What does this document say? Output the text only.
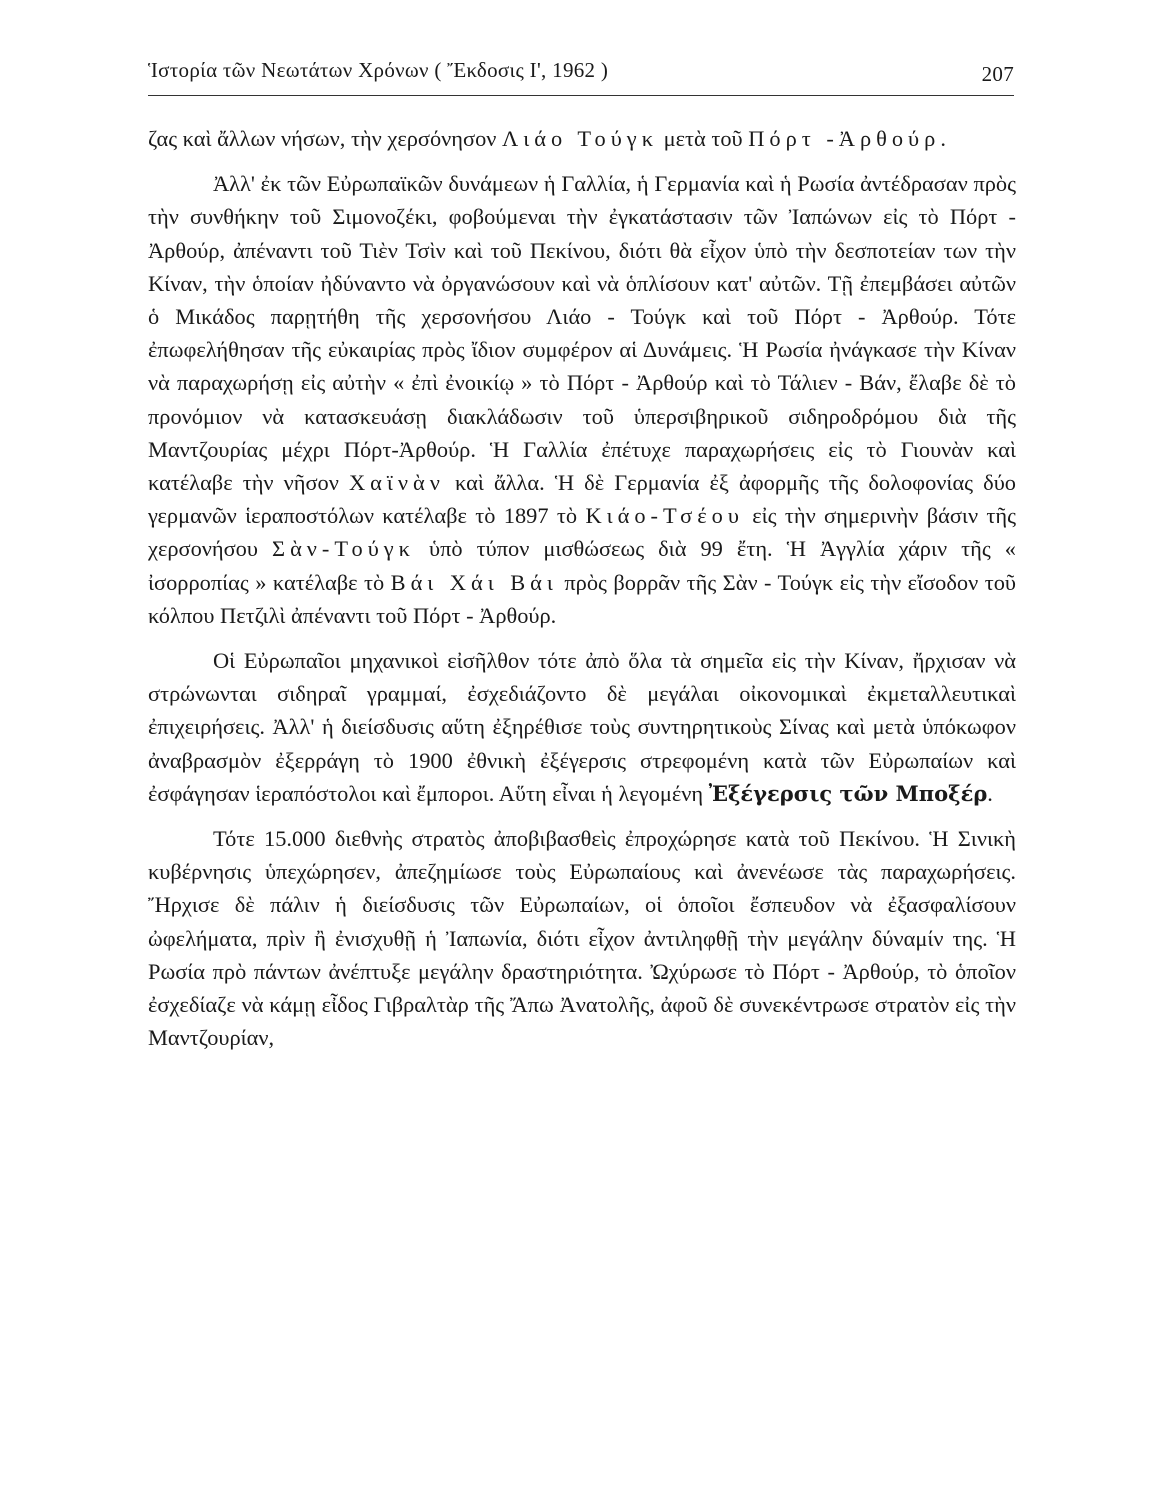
Ἱστορία τῶν Νεωτάτων Χρόνων ( Ἔκδοσις Ι', 1962 )	207

ζας καὶ ἄλλων νήσων, τὴν χερσόνησον Λιάο Τούγκ μετὰ τοῦ Πόρτ -Ἀρθούρ.

Ἀλλ' ἐκ τῶν Εὐρωπαϊκῶν δυνάμεων ἡ Γαλλία, ἡ Γερμανία καὶ ἡ Ρωσία ἀντέδρασαν πρὸς τὴν συνθήκην τοῦ Σιμονοζέκι, φοβούμεναι τὴν ἐγκατάστασιν τῶν Ἰαπώνων εἰς τὸ Πόρτ - Ἀρθούρ, ἀπέναντι τοῦ Τιὲν Τσὶν καὶ τοῦ Πεκίνου, διότι θὰ εἶχον ὑπὸ τὴν δεσποτείαν των τὴν Κίναν, τὴν ὁποίαν ἠδύναντο νὰ ὀργανώσουν καὶ νὰ ὁπλίσουν κατ' αὐτῶν. Τῇ ἐπεμβάσει αὐτῶν ὁ Μικάδος παρῃτήθη τῆς χερσονήσου Λιάο - Τούγκ καὶ τοῦ Πόρτ - Ἀρθούρ. Τότε ἐπωφελήθησαν τῆς εὐκαιρίας πρὸς ἴδιον συμφέρον αἱ Δυνάμεις. Ἡ Ρωσία ἠνάγκασε τὴν Κίναν νὰ παραχωρήσῃ εἰς αὐτὴν « ἐπὶ ἐνοικίῳ » τὸ Πόρτ - Ἀρθούρ καὶ τὸ Τάλιεν - Βάν, ἔλαβε δὲ τὸ προνόμιον νὰ κατασκευάσῃ διακλάδωσιν τοῦ ὑπερσιβηρικοῦ σιδηροδρόμου διὰ τῆς Μαντζουρίας μέχρι Πόρτ-Ἀρθούρ. Ἡ Γαλλία ἐπέτυχε παραχωρήσεις εἰς τὸ Γιουνὰν καὶ κατέλαβε τὴν νῆσον Χαϊνὰν καὶ ἄλλα. Ἡ δὲ Γερμανία ἐξ ἀφορμῆς τῆς δολοφονίας δύο γερμανῶν ἱεραποστόλων κατέλαβε τὸ 1897 τὸ Κιάο-Τσέου εἰς τὴν σημερινὴν βάσιν τῆς χερσονήσου Σὰν-Τούγκ ὑπὸ τύπον μισθώσεως διὰ 99 ἔτη. Ἡ Ἀγγλία χάριν τῆς « ἰσορροπίας » κατέλαβε τὸ Βάι Χάι Βάι πρὸς βορρᾶν τῆς Σὰν - Τούγκ εἰς τὴν εἴσοδον τοῦ κόλπου Πετζιλὶ ἀπέναντι τοῦ Πόρτ - Ἀρθούρ.

Οἱ Εὐρωπαῖοι μηχανικοὶ εἰσῆλθον τότε ἀπὸ ὅλα τὰ σημεῖα εἰς τὴν Κίναν, ἤρχισαν νὰ στρώνωνται σιδηραῖ γραμμαί, ἐσχεδιάζοντο δὲ μεγάλαι οἰκονομικαὶ ἐκμεταλλευτικαὶ ἐπιχειρήσεις. Ἀλλ' ἡ διείσδυσις αὕτη ἐξηρέθισε τοὺς συντηρητικοὺς Σίνας καὶ μετὰ ὑπόκωφον ἀναβρασμὸν ἐξερράγη τὸ 1900 ἐθνικὴ ἐξέγερσις στρεφομένη κατὰ τῶν Εὐρωπαίων καὶ ἐσφάγησαν ἱεραπόστολοι καὶ ἔμποροι. Αὕτη εἶναι ἡ λεγομένη Ἐξέγερσις τῶν Μποξέρ.

Τότε 15.000 διεθνὴς στρατὸς ἀποβιβασθεὶς ἐπροχώρησε κατὰ τοῦ Πεκίνου. Ἡ Σινικὴ κυβέρνησις ὑπεχώρησεν, ἀπεζημίωσε τοὺς Εὐρωπαίους καὶ ἀνενέωσε τὰς παραχωρήσεις. Ἤρχισε δὲ πάλιν ἡ διείσδυσις τῶν Εὐρωπαίων, οἱ ὁποῖοι ἔσπευδον νὰ ἐξασφαλίσουν ὠφελήματα, πρὶν ἢ ἐνισχυθῇ ἡ Ἰαπωνία, διότι εἶχον ἀντιληφθῇ τὴν μεγάλην δύναμίν της. Ἡ Ρωσία πρὸ πάντων ἀνέπτυξε μεγάλην δραστηριότητα. Ὠχύρωσε τὸ Πόρτ - Ἀρθούρ, τὸ ὁποῖον ἐσχεδίαζε νὰ κάμῃ εἶδος Γιβραλτὰρ τῆς Ἄπω Ἀνατολῆς, ἀφοῦ δὲ συνεκέντρωσε στρατὸν εἰς τὴν Μαντζουρίαν,
